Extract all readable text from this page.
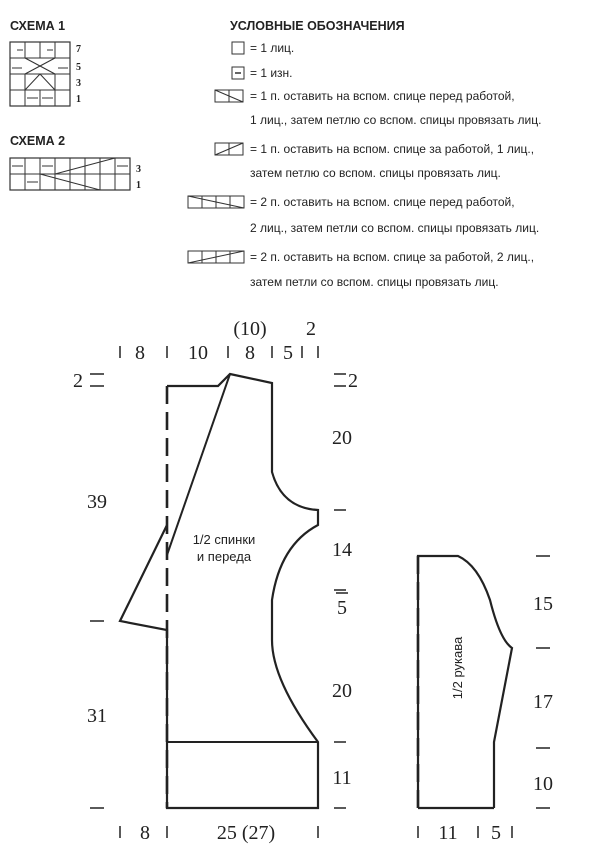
СХЕМА 1
7
5
3
1
СХЕМА 2
3
1
УСЛОВНЫЕ ОБОЗНАЧЕНИЯ
= 1 лиц.
= 1 изн.
= 1 п. оставить на вспом. спице перед работой,
1 лиц., затем петлю со вспом. спицы провязать лиц.
= 1 п. оставить на вспом. спице за работой, 1 лиц.,
затем петлю со вспом. спицы провязать лиц.
= 2 п. оставить на вспом. спице перед работой,
2 лиц., затем петли со вспом. спицы провязать лиц.
= 2 п. оставить на вспом. спице за работой, 2 лиц.,
затем петли со вспом. спицы провязать лиц.
1/2 спинки
и переда
(10) 2
8 10 8 5
2
39
31
2
20
14
5
20
11
8	25 (27)
1/2 рукава
15
17
10
11 5
